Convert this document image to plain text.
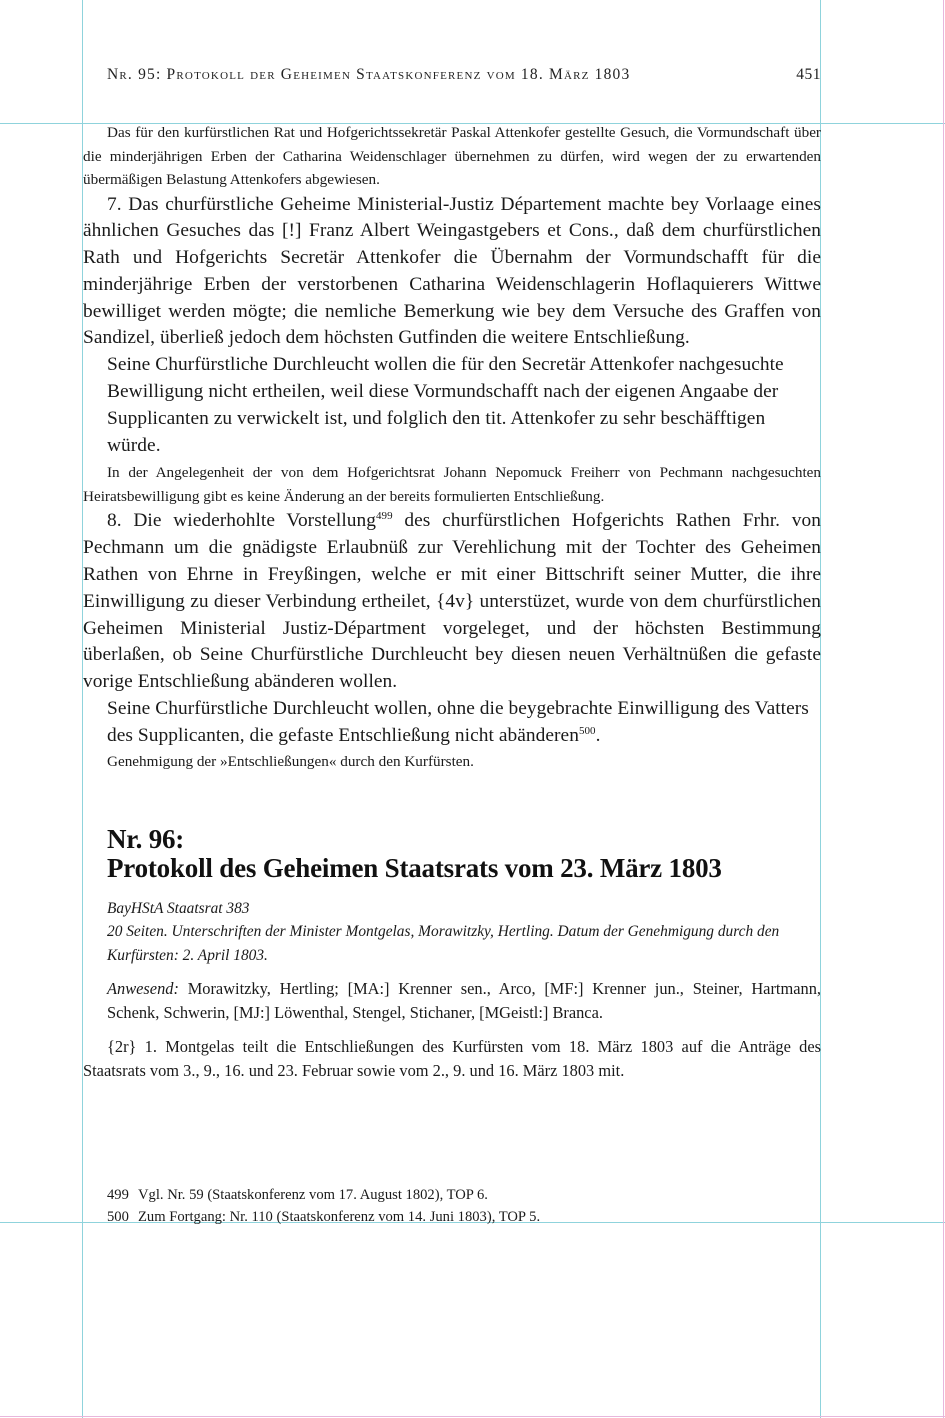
Nr. 95: Protokoll der Geheimen Staatskonferenz vom 18. März 1803	451

Das für den kurfürstlichen Rat und Hofgerichtssekretär Paskal Attenkofer gestellte Gesuch, die Vormundschaft über die minderjährigen Erben der Catharina Weidenschlager übernehmen zu dürfen, wird wegen der zu erwartenden übermäßigen Belastung Attenkofers abgewiesen.

7. Das churfürstliche Geheime Ministerial-Justiz Département machte bey Vorlaage eines ähnlichen Gesuches das [!] Franz Albert Weingastgebers et Cons., daß dem churfürstlichen Rath und Hofgerichts Secretär Attenkofer die Übernahm der Vormundschafft für die minderjährige Erben der verstorbenen Catharina Weidenschlagerin Hoflaquierers Wittwe bewilliget werden mögte; die nemliche Bemerkung wie bey dem Versuche des Graffen von Sandizel, überließ jedoch dem höchsten Gutfinden die weitere Entschließung.

Seine Churfürstliche Durchleucht wollen die für den Secretär Attenkofer nachgesuchte Bewilligung nicht ertheilen, weil diese Vormundschafft nach der eigenen Angaabe der Supplicanten zu verwickelt ist, und folglich den tit. Attenkofer zu sehr beschäfftigen würde.

In der Angelegenheit der von dem Hofgerichtsrat Johann Nepomuck Freiherr von Pechmann nachgesuchten Heiratsbewilligung gibt es keine Änderung an der bereits formulierten Entschließung.

8. Die wiederhohlte Vorstellung$^{499}$ des churfürstlichen Hofgerichts Rathen Frhr. von Pechmann um die gnädigste Erlaubnüß zur Verehlichung mit der Tochter des Geheimen Rathen von Ehrne in Freyßingen, welche er mit einer Bittschrift seiner Mutter, die ihre Einwilligung zu dieser Verbindung ertheilet, {4v} unterstüzet, wurde von dem churfürstlichen Geheimen Ministerial Justiz-Départment vorgeleget, und der höchsten Bestimmung überlaßen, ob Seine Churfürstliche Durchleucht bey diesen neuen Verhältnüßen die gefaste vorige Entschließung abänderen wollen.

Seine Churfürstliche Durchleucht wollen, ohne die beygebrachte Einwilligung des Vatters des Supplicanten, die gefaste Entschließung nicht abänderen$^{500}$.

Genehmigung der »Entschließungen« durch den Kurfürsten.

Nr. 96:
Protokoll des Geheimen Staatsrats vom 23. März 1803
BayHStA Staatsrat 383
20 Seiten. Unterschriften der Minister Montgelas, Morawitzky, Hertling. Datum der Genehmigung durch den Kurfürsten: 2. April 1803.

Anwesend: Morawitzky, Hertling; [MA:] Krenner sen., Arco, [MF:] Krenner jun., Steiner, Hartmann, Schenk, Schwerin, [MJ:] Löwenthal, Stengel, Stichaner, [MGeistl:] Branca.

{2r} 1. Montgelas teilt die Entschließungen des Kurfürsten vom 18. März 1803 auf die Anträge des Staatsrats vom 3., 9., 16. und 23. Februar sowie vom 2., 9. und 16. März 1803 mit.

499 Vgl. Nr. 59 (Staatskonferenz vom 17. August 1802), TOP 6.
500 Zum Fortgang: Nr. 110 (Staatskonferenz vom 14. Juni 1803), TOP 5.
